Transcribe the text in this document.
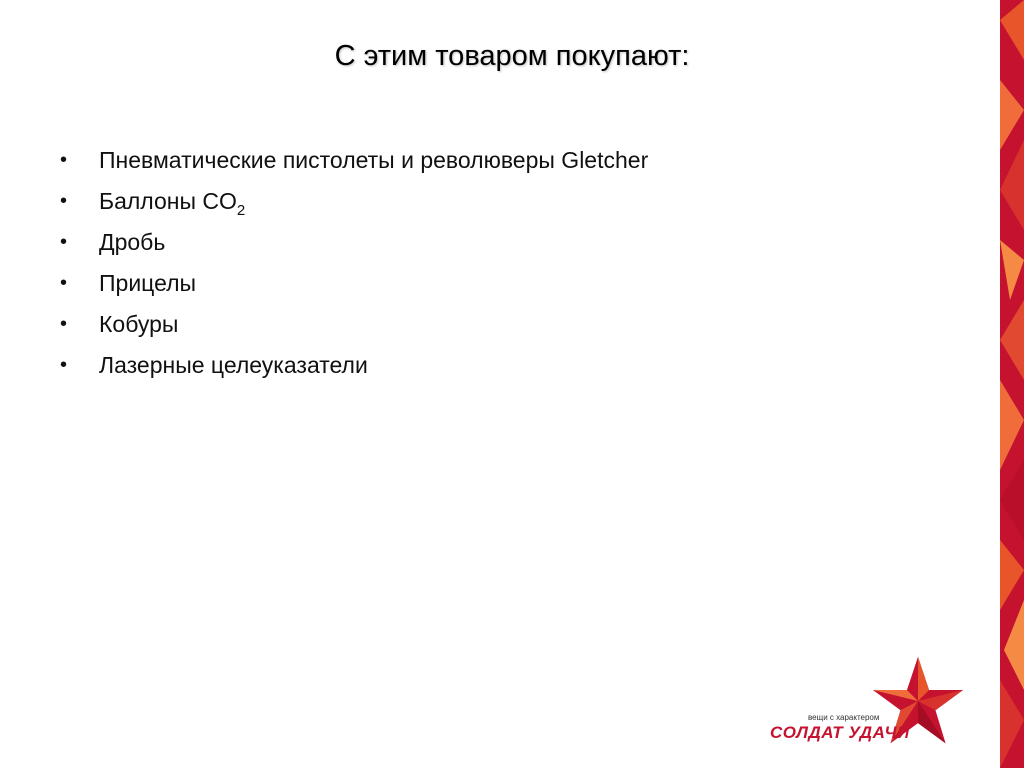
С этим товаром покупают:
• Пневматические пистолеты и революверы Gletcher
• Баллоны $CO_2$
• Дробь
• Прицелы
• Кобуры
• Лазерные целеуказатели
вещи с характером
СОЛДАТ УДАЧИ
